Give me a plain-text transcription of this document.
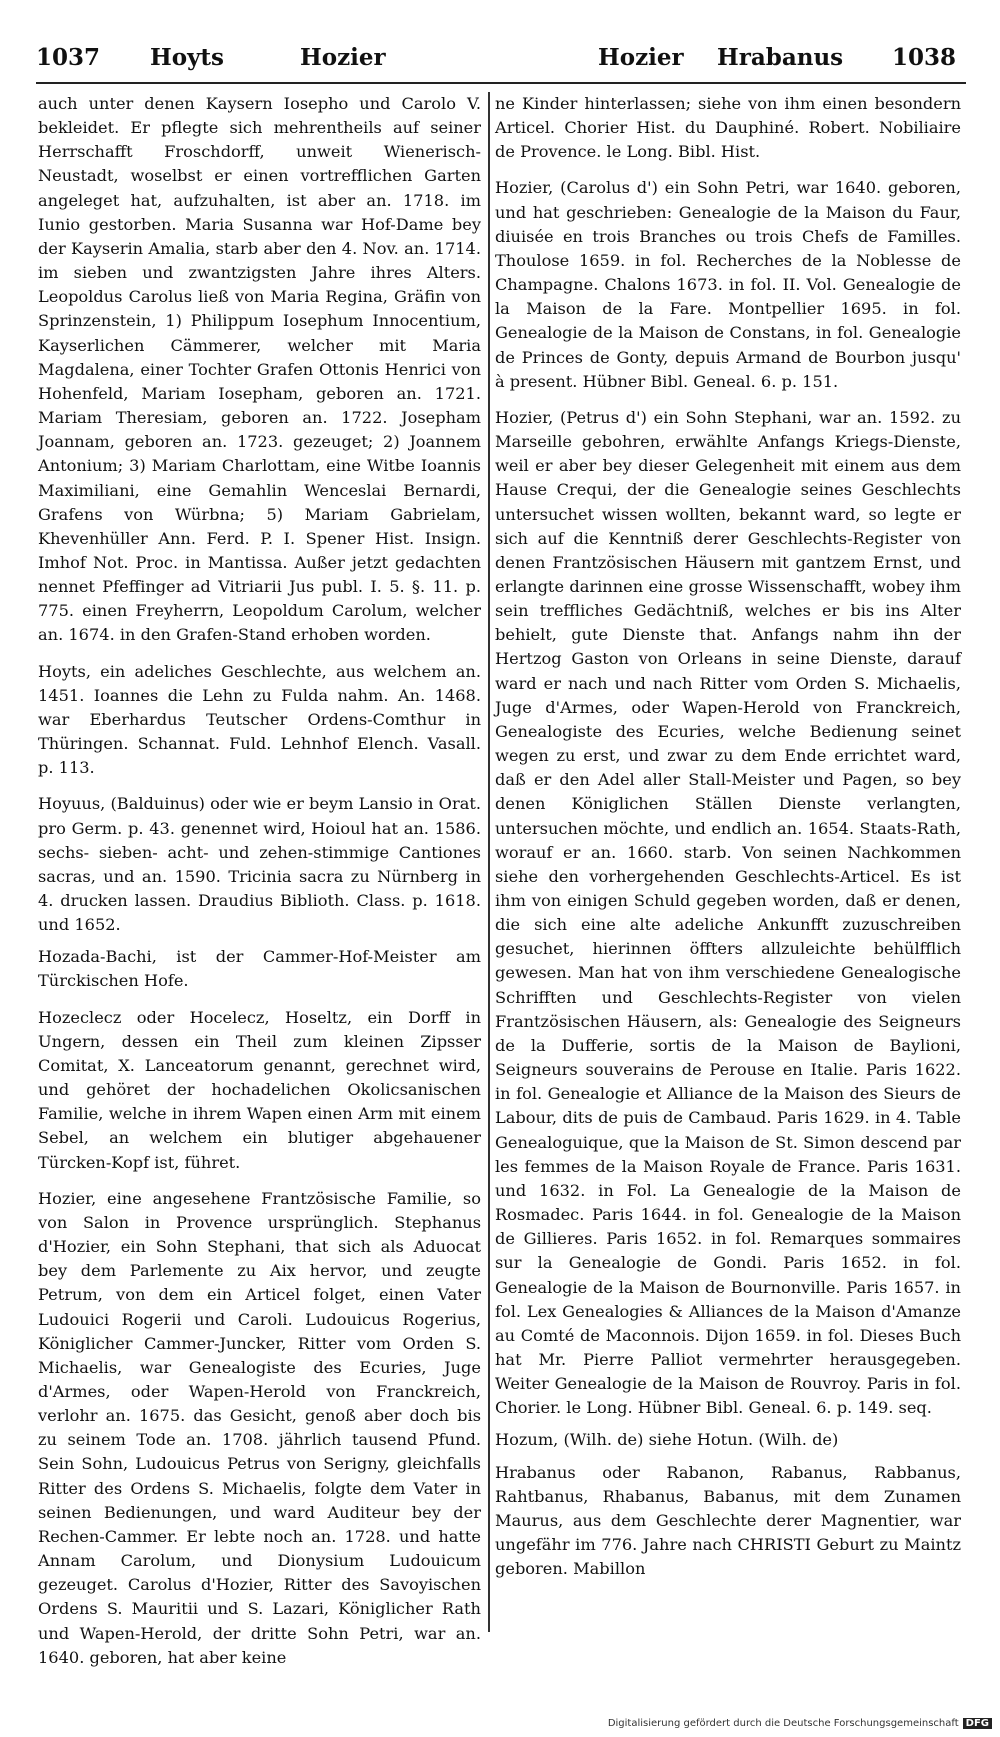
1037 Hoyts	Hozier	Hozier Hrabanus 1038

auch unter denen Kaysern Iosepho und Carolo V. bekleidet. Er pflegte sich mehrentheils auf seiner Herrschafft Froschdorff, unweit Wienerisch-Neustadt, woselbst er einen vortrefflichen Garten angeleget hat, aufzuhalten, ist aber an. 1718. im Iunio gestorben. Maria Susanna war Hof-Dame bey der Kayserin Amalia, starb aber den 4. Nov. an. 1714. im sieben und zwantzigsten Jahre ihres Alters. Leopoldus Carolus ließ von Maria Regina, Gräfin von Sprinzenstein, 1) Philippum Iosephum Innocentium, Kayserlichen Cämmerer, welcher mit Maria Magdalena, einer Tochter Grafen Ottonis Henrici von Hohenfeld, Mariam Iosepham, geboren an. 1721. Mariam Theresiam, geboren an. 1722. Josepham Joannam, geboren an. 1723. gezeuget; 2) Joannem Antonium; 3) Mariam Charlottam, eine Witbe Ioannis Maximiliani, eine Gemahlin Wenceslai Bernardi, Grafens von Würbna; 5) Mariam Gabrielam, Khevenhüller Ann. Ferd. P. I. Spener Hist. Insign. Imhof Not. Proc. in Mantissa. Außer jetzt gedachten nennet Pfeffinger ad Vitriarii Jus publ. I. 5. §. 11. p. 775. einen Freyherrn, Leopoldum Carolum, welcher an. 1674. in den Grafen-Stand erhoben worden.

Hoyts, ein adeliches Geschlechte, aus welchem an. 1451. Ioannes die Lehn zu Fulda nahm. An. 1468. war Eberhardus Teutscher Ordens-Comthur in Thüringen. Schannat. Fuld. Lehnhof Elench. Vasall. p. 113.

Hoyuus, (Balduinus) oder wie er beym Lansio in Orat. pro Germ. p. 43. genennet wird, Hoioul hat an. 1586. sechs- sieben- acht- und zehen-stimmige Cantiones sacras, und an. 1590. Tricinia sacra zu Nürnberg in 4. drucken lassen. Draudius Biblioth. Class. p. 1618. und 1652.

Hozada-Bachi, ist der Cammer-Hof-Meister am Türckischen Hofe.

Hozeclecz oder Hocelecz, Hoseltz, ein Dorff in Ungern, dessen ein Theil zum kleinen Zipsser Comitat, X. Lanceatorum genannt, gerechnet wird, und gehöret der hochadelichen Okolicsanischen Familie, welche in ihrem Wapen einen Arm mit einem Sebel, an welchem ein blutiger abgehauener Türcken-Kopf ist, führet.

Hozier, eine angesehene Frantzösische Familie, so von Salon in Provence ursprünglich. Stephanus d'Hozier, ein Sohn Stephani, that sich als Aduocat bey dem Parlemente zu Aix hervor, und zeugte Petrum, von dem ein Articel folget, einen Vater Ludouici Rogerii und Caroli. Ludouicus Rogerius, Königlicher Cammer-Juncker, Ritter vom Orden S. Michaelis, war Genealogiste des Ecuries, Juge d'Armes, oder Wapen-Herold von Franckreich, verlohr an. 1675. das Gesicht, genoß aber doch bis zu seinem Tode an. 1708. jährlich tausend Pfund. Sein Sohn, Ludouicus Petrus von Serigny, gleichfalls Ritter des Ordens S. Michaelis, folgte dem Vater in seinen Bedienungen, und ward Auditeur bey der Rechen-Cammer. Er lebte noch an. 1728. und hatte Annam Carolum, und Dionysium Ludouicum gezeuget. Carolus d'Hozier, Ritter des Savoyischen Ordens S. Mauritii und S. Lazari, Königlicher Rath und Wapen-Herold, der dritte Sohn Petri, war an. 1640. geboren, hat aber keine

ne Kinder hinterlassen; siehe von ihm einen besondern Articel. Chorier Hist. du Dauphiné. Robert. Nobiliaire de Provence. le Long. Bibl. Hist.

Hozier, (Carolus d') ein Sohn Petri, war 1640. geboren, und hat geschrieben: Genealogie de la Maison du Faur, diuisée en trois Branches ou trois Chefs de Familles. Thoulose 1659. in fol. Recherches de la Noblesse de Champagne. Chalons 1673. in fol. II. Vol. Genealogie de la Maison de la Fare. Montpellier 1695. in fol. Genealogie de la Maison de Constans, in fol. Genealogie de Princes de Gonty, depuis Armand de Bourbon jusqu' à present. Hübner Bibl. Geneal. 6. p. 151.

Hozier, (Petrus d') ein Sohn Stephani, war an. 1592. zu Marseille gebohren, erwählte Anfangs Kriegs-Dienste, weil er aber bey dieser Gelegenheit mit einem aus dem Hause Crequi, der die Genealogie seines Geschlechts untersuchet wissen wollten, bekannt ward, so legte er sich auf die Kenntniß derer Geschlechts-Register von denen Frantzösischen Häusern mit gantzem Ernst, und erlangte darinnen eine grosse Wissenschafft, wobey ihm sein treffliches Gedächtniß, welches er bis ins Alter behielt, gute Dienste that. Anfangs nahm ihn der Hertzog Gaston von Orleans in seine Dienste, darauf ward er nach und nach Ritter vom Orden S. Michaelis, Juge d'Armes, oder Wapen-Herold von Franckreich, Genealogiste des Ecuries, welche Bedienung seinet wegen zu erst, und zwar zu dem Ende errichtet ward, daß er den Adel aller Stall-Meister und Pagen, so bey denen Königlichen Ställen Dienste verlangten, untersuchen möchte, und endlich an. 1654. Staats-Rath, worauf er an. 1660. starb. Von seinen Nachkommen siehe den vorhergehenden Geschlechts-Articel. Es ist ihm von einigen Schuld gegeben worden, daß er denen, die sich eine alte adeliche Ankunfft zuzuschreiben gesuchet, hierinnen öffters allzuleichte behülfflich gewesen. Man hat von ihm verschiedene Genealogische Schrifften und Geschlechts-Register von vielen Frantzösischen Häusern, als: Genealogie des Seigneurs de la Dufferie, sortis de la Maison de Baylioni, Seigneurs souverains de Perouse en Italie. Paris 1622. in fol. Genealogie et Alliance de la Maison des Sieurs de Labour, dits de puis de Cambaud. Paris 1629. in 4. Table Genealoguique, que la Maison de St. Simon descend par les femmes de la Maison Royale de France. Paris 1631. und 1632. in Fol. La Genealogie de la Maison de Rosmadec. Paris 1644. in fol. Genealogie de la Maison de Gillieres. Paris 1652. in fol. Remarques sommaires sur la Genealogie de Gondi. Paris 1652. in fol. Genealogie de la Maison de Bournonville. Paris 1657. in fol. Lex Genealogies & Alliances de la Maison d'Amanze au Comté de Maconnois. Dijon 1659. in fol. Dieses Buch hat Mr. Pierre Palliot vermehrter herausgegeben. Weiter Genealogie de la Maison de Rouvroy. Paris in fol. Chorier. le Long. Hübner Bibl. Geneal. 6. p. 149. seq.

Hozum, (Wilh. de) siehe Hotun. (Wilh. de)

Hrabanus oder Rabanon, Rabanus, Rabbanus, Rahtbanus, Rhabanus, Babanus, mit dem Zunamen Maurus, aus dem Geschlechte derer Magnentier, war ungefähr im 776. Jahre nach CHRISTI Geburt zu Maintz geboren. Mabillon

Digitalisierung gefördert durch die Deutsche Forschungsgemeinschaft DFG
